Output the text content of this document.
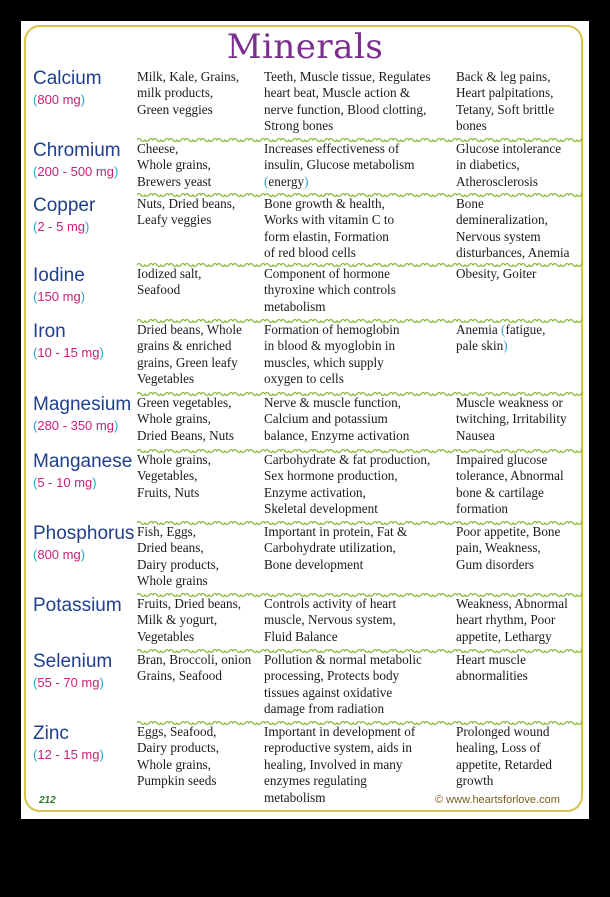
Minerals
Calcium
(800 mg)
Milk, Kale, Grains,
milk products,
Green veggies
Teeth, Muscle tissue, Regulates
heart beat, Muscle action &
nerve function, Blood clotting,
Strong bones
Back & leg pains,
Heart palpitations,
Tetany, Soft brittle
bones
Chromium
(200 - 500 mg)
Cheese,
Whole grains,
Brewers yeast
Increases effectiveness of
insulin, Glucose metabolism
(energy)
Glucose intolerance
in diabetics,
Atherosclerosis
Copper
(2 - 5 mg)
Nuts, Dried beans,
Leafy veggies
Bone growth & health,
Works with vitamin C to
form elastin, Formation
of red blood cells
Bone
demineralization,
Nervous system
disturbances, Anemia
Iodine
(150 mg)
Iodized salt,
Seafood
Component of hormone
thyroxine which controls
metabolism
Obesity, Goiter
Iron
(10 - 15 mg)
Dried beans, Whole
grains & enriched
grains, Green leafy
Vegetables
Formation of hemoglobin
in blood & myoglobin in
muscles, which supply
oxygen to cells
Anemia (fatigue,
pale skin)
Magnesium
(280 - 350 mg)
Green vegetables,
Whole grains,
Dried Beans, Nuts
Nerve & muscle function,
Calcium and potassium
balance, Enzyme activation
Muscle weakness or
twitching, Irritability
Nausea
Manganese
(5 - 10 mg)
Whole grains,
Vegetables,
Fruits, Nuts
Carbohydrate & fat production,
Sex hormone production,
Enzyme activation,
Skeletal development
Impaired glucose
tolerance, Abnormal
bone & cartilage
formation
Phosphorus
(800 mg)
Fish, Eggs,
Dried beans,
Dairy products,
Whole grains
Important in protein, Fat &
Carbohydrate utilization,
Bone development
Poor appetite, Bone
pain, Weakness,
Gum disorders
Potassium Fruits, Dried beans,
Milk & yogurt,
Vegetables
Controls activity of heart
muscle, Nervous system,
Fluid Balance
Weakness, Abnormal
heart rhythm, Poor
appetite, Lethargy
Selenium
(55 - 70 mg)
Bran, Broccoli, onion
Grains, Seafood
Pollution & normal metabolic
processing, Protects body
tissues against oxidative
damage from radiation
Heart muscle
abnormalities
Zinc
(12 - 15 mg)
Eggs, Seafood,
Dairy products,
Whole grains,
Pumpkin seeds
Important in development of
reproductive system, aids in
healing, Involved in many
enzymes regulating
metabolism
Prolonged wound
healing, Loss of
appetite, Retarded
growth
212	© www.heartsforlove.com
